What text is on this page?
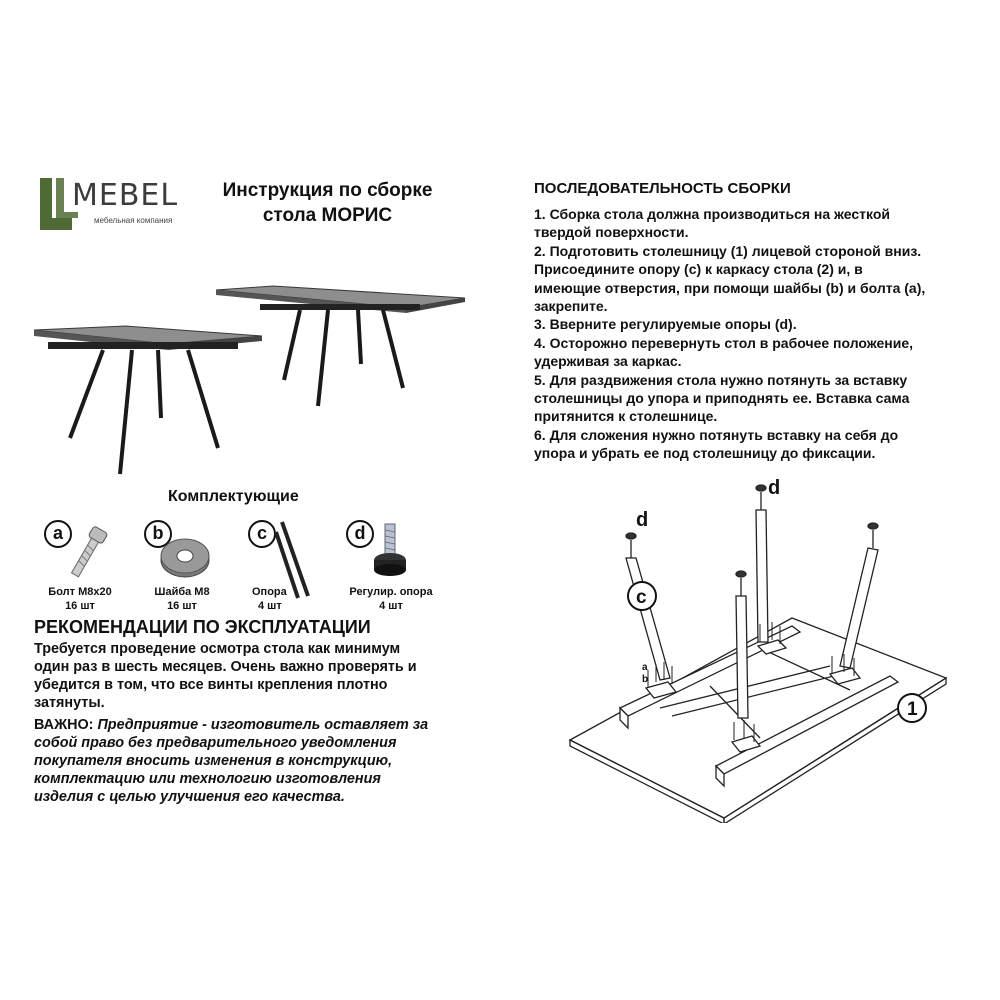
MEBEL
мебельная компания
Инструкция по сборке
стола МОРИС
Комплектующие
a
Болт М8х20
16 шт
b
Шайба М8
16 шт
c
Опора
4 шт
d
Регулир. опора
4 шт
РЕКОМЕНДАЦИИ ПО ЭКСПЛУАТАЦИИ

Требуется проведение осмотра стола как минимум
один раз в шесть месяцев. Очень важно проверять и
убедится в том, что все винты крепления плотно
затянуты.

ВАЖНО: Предприятие - изготовитель оставляет за
собой право без предварительного уведомления
покупателя вносить изменения в конструкцию,
комплектацию или технологию изготовления
изделия с целью улучшения его качества.

ПОСЛЕДОВАТЕЛЬНОСТЬ СБОРКИ
1. Сборка стола должна производиться на жесткой
твердой поверхности.
2. Подготовить столешницу (1) лицевой стороной вниз.
Присоедините опору (с) к каркасу стола (2) и, в
имеющие отверстия, при помощи шайбы (b) и болта (а),
закрепите.
3. Вверните регулируемые опоры (d).
4. Осторожно перевернуть стол в рабочее положение,
удерживая за каркас.
5. Для раздвижения стола нужно потянуть за вставку
столешницы до упора и приподнять ее. Вставка сама
притянится к столешнице.
6. Для сложения нужно потянуть вставку на себя до
упора и убрать ее под столешницу до фиксации.
d
d
c
a
b
1
